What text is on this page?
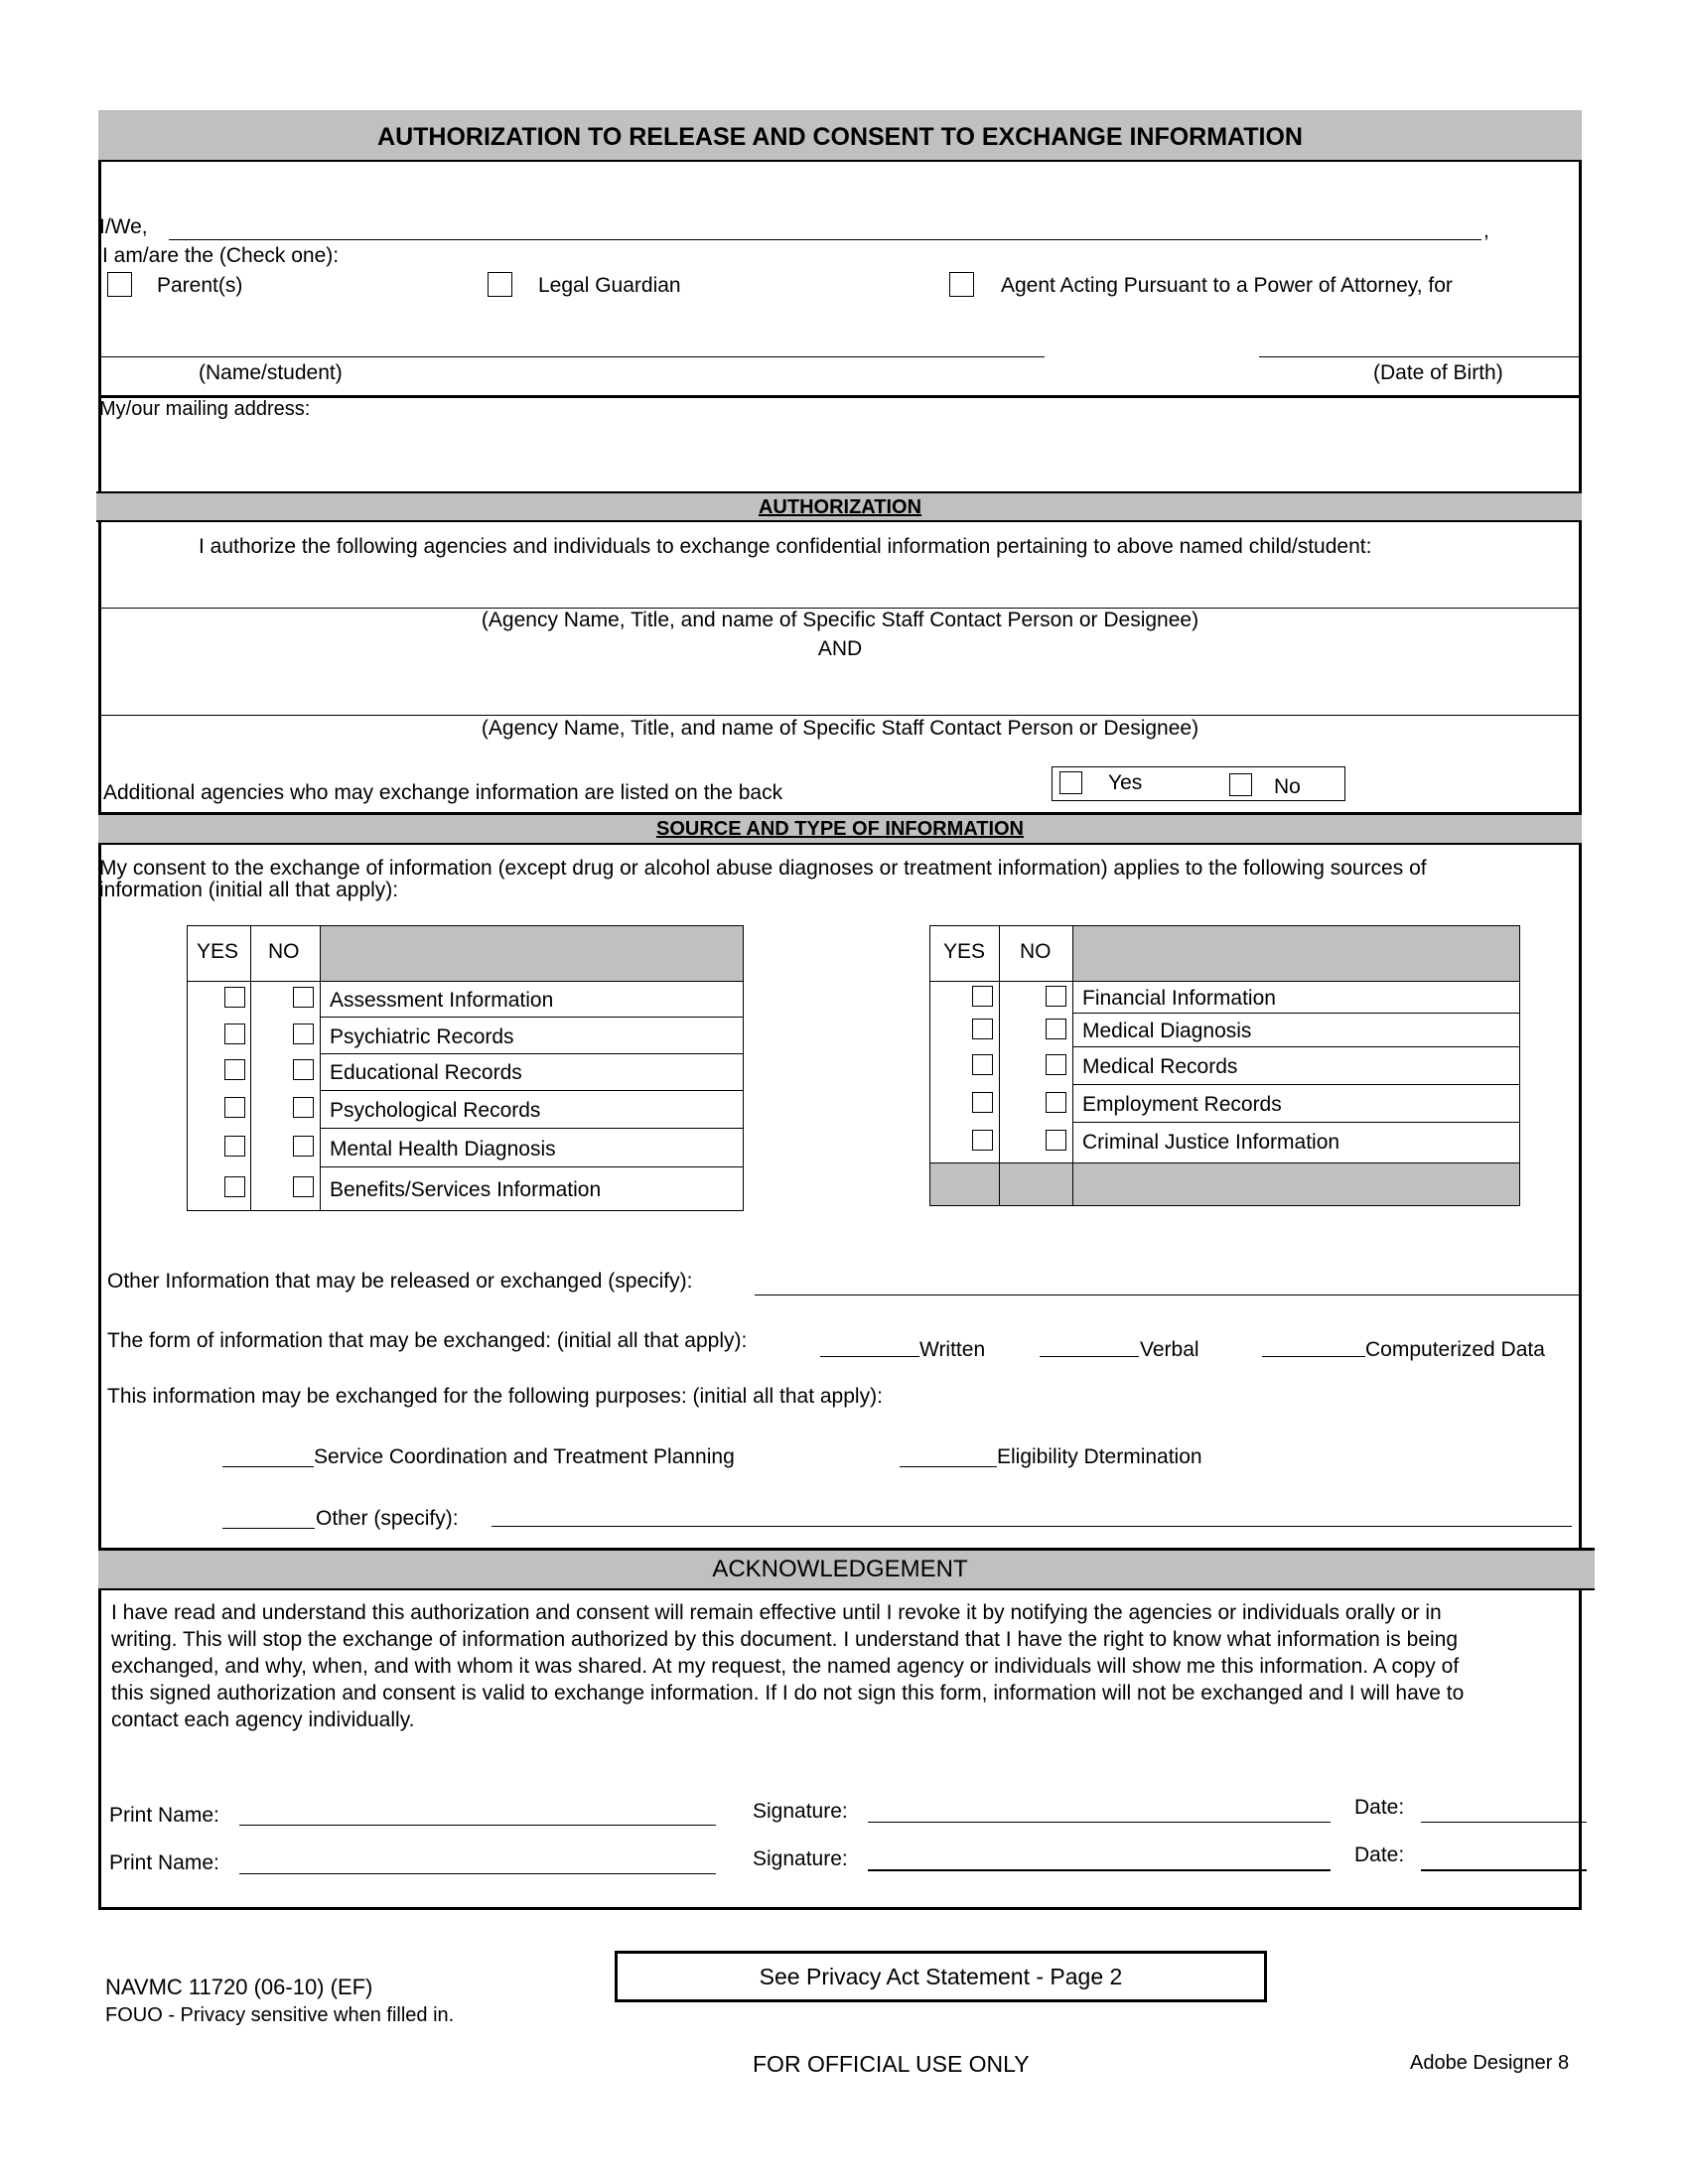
AUTHORIZATION TO RELEASE AND CONSENT TO EXCHANGE INFORMATION
I/We,	,
I am/are the (Check one):
Parent(s)	Legal Guardian	Agent Acting Pursuant to a Power of Attorney, for
(Name/student)	(Date of Birth)
My/our mailing address:
AUTHORIZATION
I authorize the following agencies and individuals to exchange confidential information pertaining to above named child/student:
(Agency Name, Title, and name of Specific Staff Contact Person or Designee)
AND
(Agency Name, Title, and name of Specific Staff Contact Person or Designee)
Additional agencies who may exchange information are listed on the back	Yes	No
SOURCE AND TYPE OF INFORMATION
My consent to the exchange of information (except drug or alcohol abuse diagnoses or treatment information) applies to the following sources of
information (initial all that apply):
YES NO
Assessment Information
Psychiatric Records
Educational Records
Psychological Records
Mental Health Diagnosis
Benefits/Services Information
YES NO
Financial Information
Medical Diagnosis
Medical Records
Employment Records
Criminal Justice Information
Other Information that may be released or exchanged (specify):
The form of information that may be exchanged: (initial all that apply):	Written	Verbal	Computerized Data
This information may be exchanged for the following purposes: (initial all that apply):
Service Coordination and Treatment Planning	Eligibility Dtermination
Other (specify):
ACKNOWLEDGEMENT
I have read and understand this authorization and consent will remain effective until I revoke it by notifying the agencies or individuals orally or in
writing. This will stop the exchange of information authorized by this document. I understand that I have the right to know what information is being
exchanged, and why, when, and with whom it was shared. At my request, the named agency or individuals will show me this information. A copy of
this signed authorization and consent is valid to exchange information. If I do not sign this form, information will not be exchanged and I will have to
contact each agency individually.
Print Name:	Signature:	Date:
Print Name:	Signature:	Date:
NAVMC 11720 (06-10) (EF)
FOUO - Privacy sensitive when filled in.
See Privacy Act Statement - Page 2
FOR OFFICIAL USE ONLY	Adobe Designer 8
